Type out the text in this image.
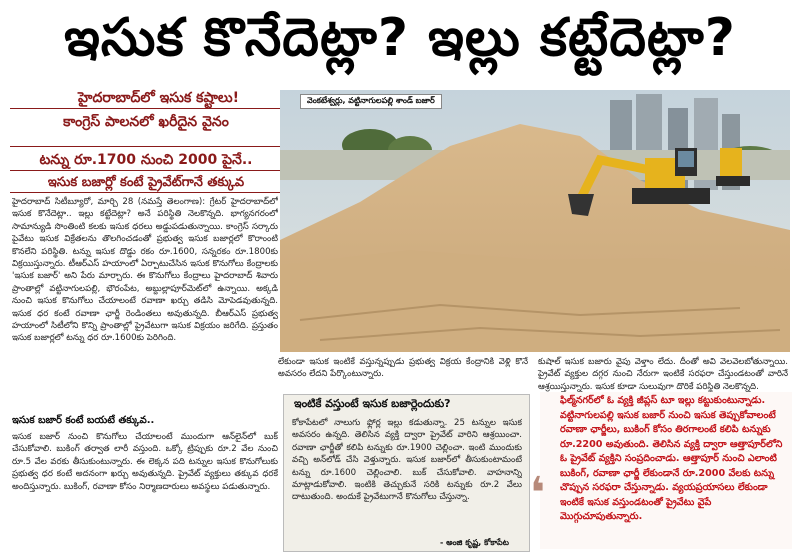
ఇసుక కొనేదెట్లా? ఇల్లు కట్టేదెట్లా?
హైదరాబాద్‌లో ఇసుక కష్టాలు!
కాంగ్రెస్ పాలనలో ఖరీదైన వైనం
టన్ను రూ.1700 నుంచి 2000 పైనే..
ఇసుక బజార్లో కంటే ప్రైవేట్‌గానే తక్కువ
హైదరాబాద్ సిటీబ్యూరో, మార్చి 28 (నమస్తే తెలంగాణ): గ్రేటర్ హైదరాబాద్‌లో ఇసుక కొనేదెట్లా.. ఇల్లు కట్టేదెట్లా? అనే పరిస్థితి నెలకొన్నది. భాగ్యనగరంలో సామాన్యుడి సొంతింటి కలకు ఇసుక ధరలు అడ్డుపడుతున్నాయి. కాంగ్రెస్ సర్కారు పైవేటు ఇసుక విక్రేతలను తొలగించడంతో ప్రభుత్వ ఇసుక బజార్లలో కొరాంంటి కొనలేని పరిస్థితి. టన్ను ఇసుక దొడ్డు రకం రూ.1600, సన్నరకం రూ.1800కు విక్రయిస్తున్నారు. టీఆర్ఎస్ హయాంలో ఏర్పాటుచేసిన ఇసుక కొనుగోలు కేంద్రాలకు 'ఇసుక బజార్' అని పేరు మార్చారు. ఈ కొనుగోలు కేంద్రాలు హైదరాబాద్ శివారు ప్రాంతాల్లో వట్టినాగులపల్లి, భౌరంపేట, అబ్దుల్లాపూర్‌మెట్‌లో ఉన్నాయి. అక్కడి నుంచి ఇసుక కొనుగోలు చేయాలంటే రవాణా ఖర్చు తడిసి మోపెడవుతున్నది. ఇసుక ధర కంటే రవాణా ఛార్జీ రెండింతలు అవుతున్నది. బీఆర్ఎస్ ప్రభుత్వ హయాంలో సిటీలోని కొన్ని ప్రాంతాల్లో ప్రైవేటుగా ఇసుక విక్రయం జరిగేది. ప్రస్తుతం ఇసుక బజార్లలో టన్ను ధర రూ.1600కు పెరిగింది.
ఇసుక బజార్ కంటే బయటే తక్కువ..
ఇసుక బజార్ నుంచి కొనుగోలు చేయాలంటే ముందుగా ఆన్‌లైన్‌లో బుక్ చేసుకోవాలి. బుకింగ్ తర్వాత లారీ వస్తుంది. ఒక్కో ట్రిప్పుకు రూ.2 వేల నుంచి రూ.5 వేల వరకు తీసుకుంటున్నారు. ఈ లెక్కన పది టన్నుల ఇసుక కొనుగోలుకు ప్రభుత్వ ధర కంటే అదనంగా ఖర్చు అవుతున్నది. ప్రైవేట్ వ్యక్తులు తక్కువ ధరకే అందిస్తున్నారు. బుకింగ్, రవాణా కోసం నిర్మాణదారులు అవస్థలు పడుతున్నారు.
వెంకటేశ్వర్లు, వట్టినాగులపల్లి శాండ్ బజార్
లేకుండా ఇసుక ఇంటికే వస్తున్నప్పుడు ప్రభుత్వ విక్రయ కేంద్రానికి వెళ్లి కొనే అవసరం లేదని పేర్కొంటున్నారు.
కుషాల్ ఇసుక బజారు వైపు వెళ్తాం లేదు. దీంతో అవి వెలవెలబోతున్నాయి. ప్రైవేట్ వ్యక్తుల దగ్గర నుంచి నేరుగా ఇంటికే సరఫరా చేస్తుండటంతో వారినే ఆశ్రయిస్తున్నారు. ఇసుక కూడా సులువుగా దొరికే పరిస్థితి నెలకొన్నది.
ఇంటికే వస్తుంటే ఇసుక బజార్లెందుకు?
కోకాపేటలో నాలుగు ఫ్లోర్ల ఇల్లు కడుతున్నా. 25 టన్నుల ఇసుక అవసరం ఉన్నది. తెలిసిన వ్యక్తి ద్వారా ప్రైవేట్ వారిని ఆశ్రయించా. రవాణా ఛార్జీతో కలిపి టన్నుకు రూ.1900 చెల్లించా. ఇంటి ముందుకు వచ్చి అన్‌లోడ్ చేసి వెళ్తున్నారు. ఇసుక బజార్‌లో తీసుకుంటామంటే టన్ను రూ.1600 చెల్లించాలి. బుక్ చేసుకోవాలి. వాహనాన్ని మాట్లాడుకోవాలి. ఇంటికి తెచ్చుకునే సరికి టన్నుకు రూ.2 వేలు దాటుతుంది. అందుకే ప్రైవేటుగానే కొనుగోలు చేస్తున్నా.
- అంజి కృష్ణ, కోకాపేట
❛
ఫిల్మ్‌నగర్‌లో ఓ వ్యక్తి జీప్లస్ టూ ఇల్లు కట్టుకుంటున్నాడు. వట్టినాగులపల్లి ఇసుక బజార్ నుంచి ఇసుక తెప్పుకోవాలంటే రవాణా ఛార్జీలు, బుకింగ్ కోసం తిరగాలంటే కలిపి టన్నుకు రూ.2200 అవుతుంది. తెలిసిన వ్యక్తి ద్వారా ఆత్తాపూర్‌లోని ఓ ప్రైవేట్ వ్యక్తిని సంప్రదించాడు. ఆత్తాపూర్ నుంచి ఎలాంటి బుకింగ్, రవాణా ఛార్జీ లేకుండానే రూ.2000 వేలకు టన్ను చొప్పున సరఫరా చేస్తున్నాడు. వ్యయప్రయాసలు లేకుండా ఇంటికే ఇసుక వస్తుండటంతో ప్రైవేటు వైపే మొగ్గుచూపుతున్నారు.
